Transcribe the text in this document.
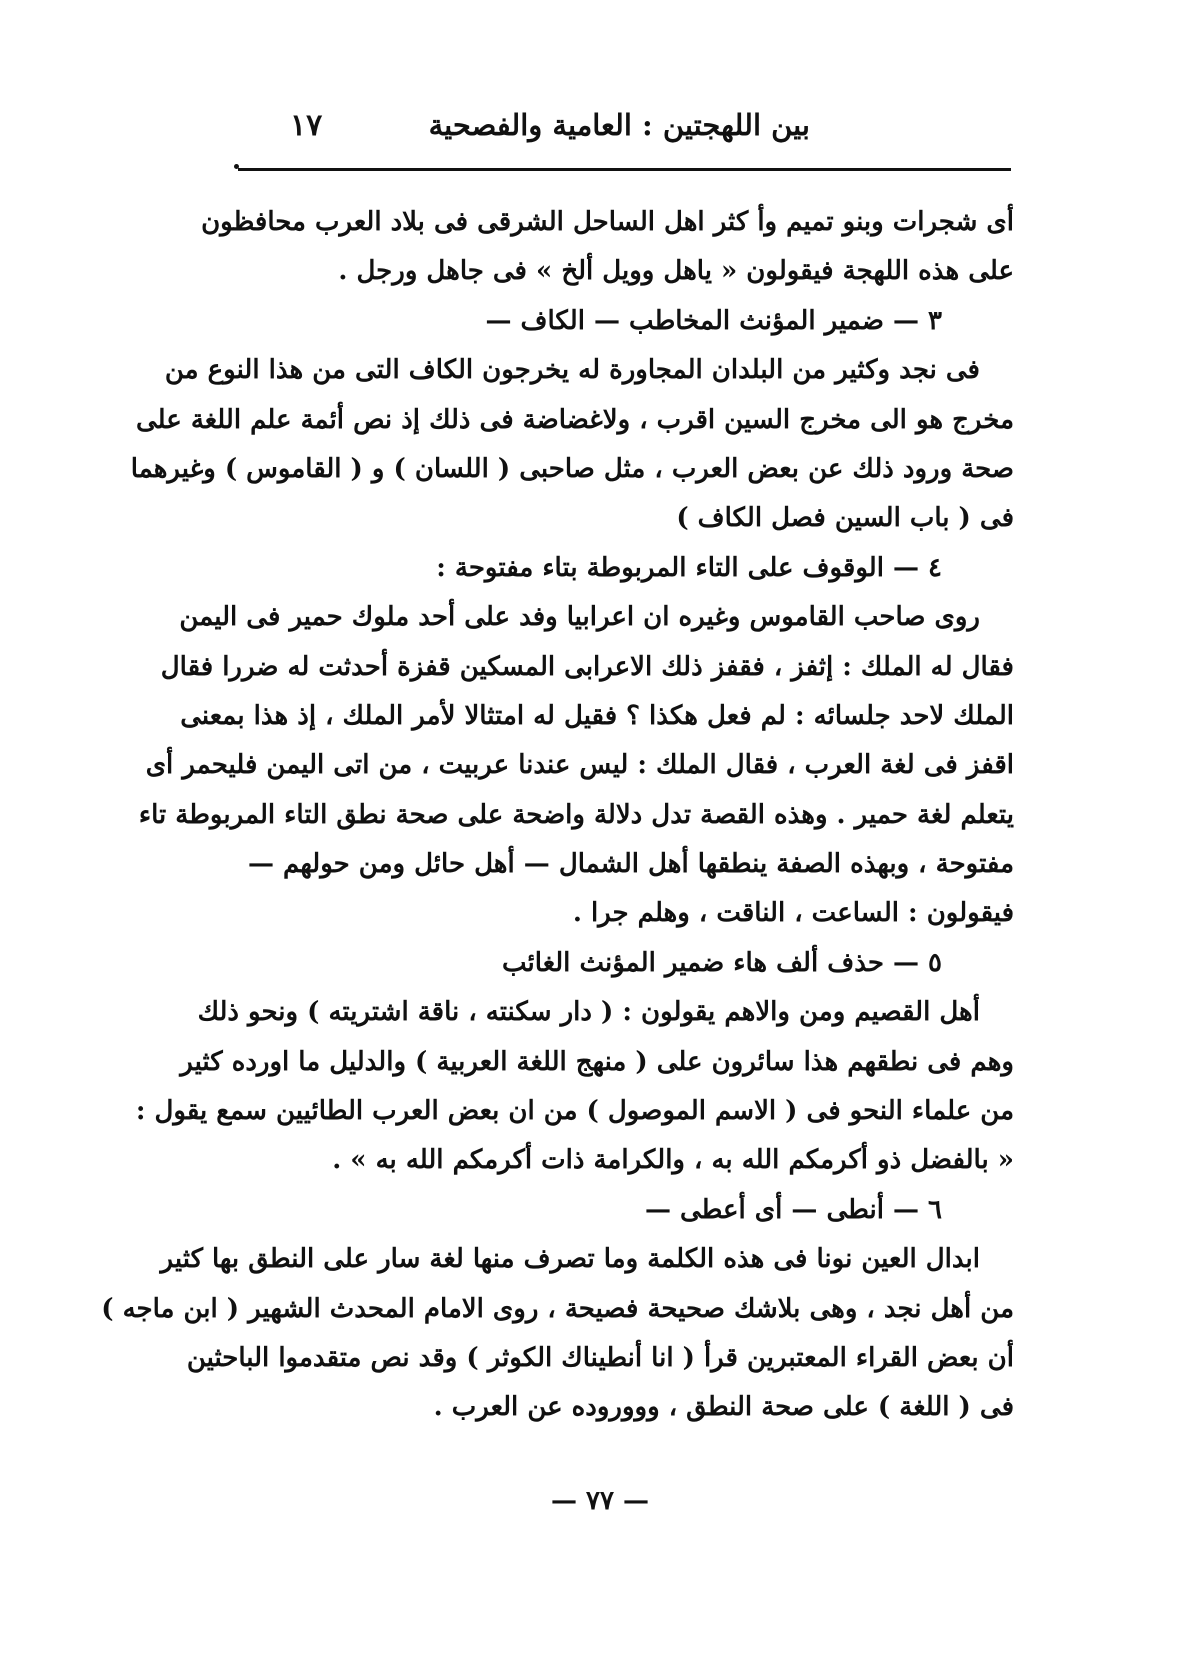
بين اللهجتين : العامية والفصحية
١٧
أى شجرات وبنو تميم وأ كثر اهل الساحل الشرقى فى بلاد العرب محافظون
على هذه اللهجة فيقولون « ياهل وويل ألخ » فى جاهل ورجل .
٣ — ضمير المؤنث المخاطب — الكاف —
فى نجد وكثير من البلدان المجاورة له يخرجون الكاف التى من هذا النوع من
مخرج هو الى مخرج السين اقرب ، ولاغضاضة فى ذلك إذ نص أئمة علم اللغة على
صحة ورود ذلك عن بعض العرب ، مثل صاحبى ( اللسان ) و ( القاموس ) وغيرهما
فى ( باب السين فصل الكاف )
٤ — الوقوف على التاء المربوطة بتاء مفتوحة :
روى صاحب القاموس وغيره ان اعرابيا وفد على أحد ملوك حمير فى اليمن
فقال له الملك : إثفز ، فقفز ذلك الاعرابى المسكين قفزة أحدثت له ضررا فقال
الملك لاحد جلسائه : لم فعل هكذا ؟ فقيل له امتثالا لأمر الملك ، إذ هذا بمعنى
اقفز فى لغة العرب ، فقال الملك : ليس عندنا عربيت ، من اتى اليمن فليحمر أى
يتعلم لغة حمير . وهذه القصة تدل دلالة واضحة على صحة نطق التاء المربوطة تاء
مفتوحة ، وبهذه الصفة ينطقها أهل الشمال — أهل حائل ومن حولهم —
فيقولون : الساعت ، الناقت ، وهلم جرا .
٥ — حذف ألف هاء ضمير المؤنث الغائب
أهل القصيم ومن والاهم يقولون : ( دار سكنته ، ناقة اشتريته ) ونحو ذلك
وهم فى نطقهم هذا سائرون على ( منهج اللغة العربية ) والدليل ما اورده كثير
من علماء النحو فى ( الاسم الموصول ) من ان بعض العرب الطائيين سمع يقول :
« بالفضل ذو أكرمكم الله به ، والكرامة ذات أكرمكم الله به » .
٦ — أنطى — أى أعطى —
ابدال العين نونا فى هذه الكلمة وما تصرف منها لغة سار على النطق بها كثير
من أهل نجد ، وهى بلاشك صحيحة فصيحة ، روى الامام المحدث الشهير ( ابن ماجه )
أن بعض القراء المعتبرين قرأ ( انا أنطيناك الكوثر ) وقد نص متقدموا الباحثين
فى ( اللغة ) على صحة النطق ، وووروده عن العرب .
— ٧٧ —
